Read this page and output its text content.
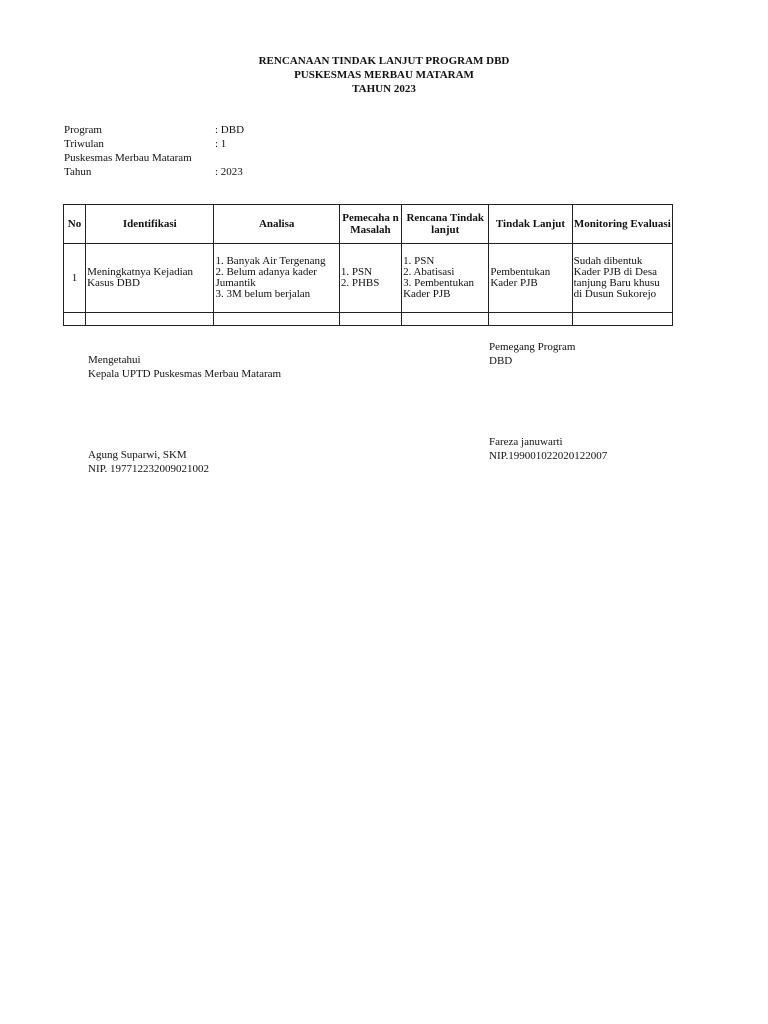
RENCANAAN TINDAK LANJUT PROGRAM DBD
PUSKESMAS MERBAU MATARAM
TAHUN 2023
Program	: DBD
Triwulan	: 1
Puskesmas Merbau Mataram
Tahun	: 2023
No	Identifikasi	Analisa	Pemecaha n Masalah	Rencana Tindak lanjut	Tindak Lanjut	Monitoring Evaluasi
1	Meningkatnya Kejadian Kasus DBD	1. Banyak Air Tergenang
2. Belum adanya kader Jumantik
3. 3M belum berjalan	1. PSN
2. PHBS	1. PSN
2. Abatisasi
3. Pembentukan Kader PJB	Pembentukan Kader PJB	Sudah dibentuk Kader PJB di Desa tanjung Baru khusu di Dusun Sukorejo

Pemegang Program
DBD
Fareza januwarti
NIP.199001022020122007
Mengetahui
Kepala UPTD Puskesmas Merbau Mataram
Agung Suparwi, SKM
NIP. 197712232009021002
